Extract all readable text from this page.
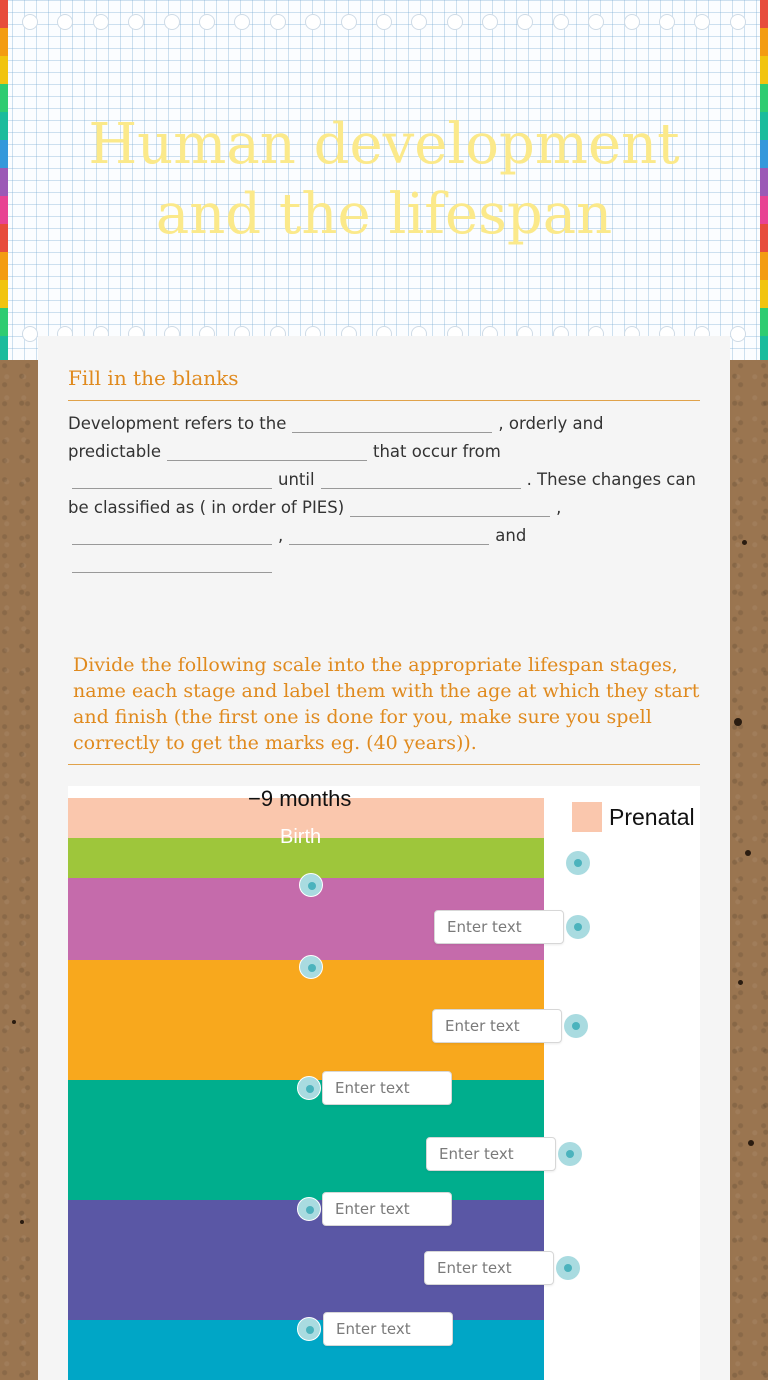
Human development
and the lifespan
Fill in the blanks
Development refers to the	, orderly and predictable	that occur from
until	. These changes can be classified as ( in order of PIES)	,
,	and

Divide the following scale into the appropriate lifespan stages, name each stage and label them with the age at which they start and finish (the first one is done for you, make sure you spell correctly to get the marks eg. (40 years)).
−9 months
Birth
Prenatal
Enter text
Enter text
Enter text
Enter text
Enter text
Enter text
Enter text
